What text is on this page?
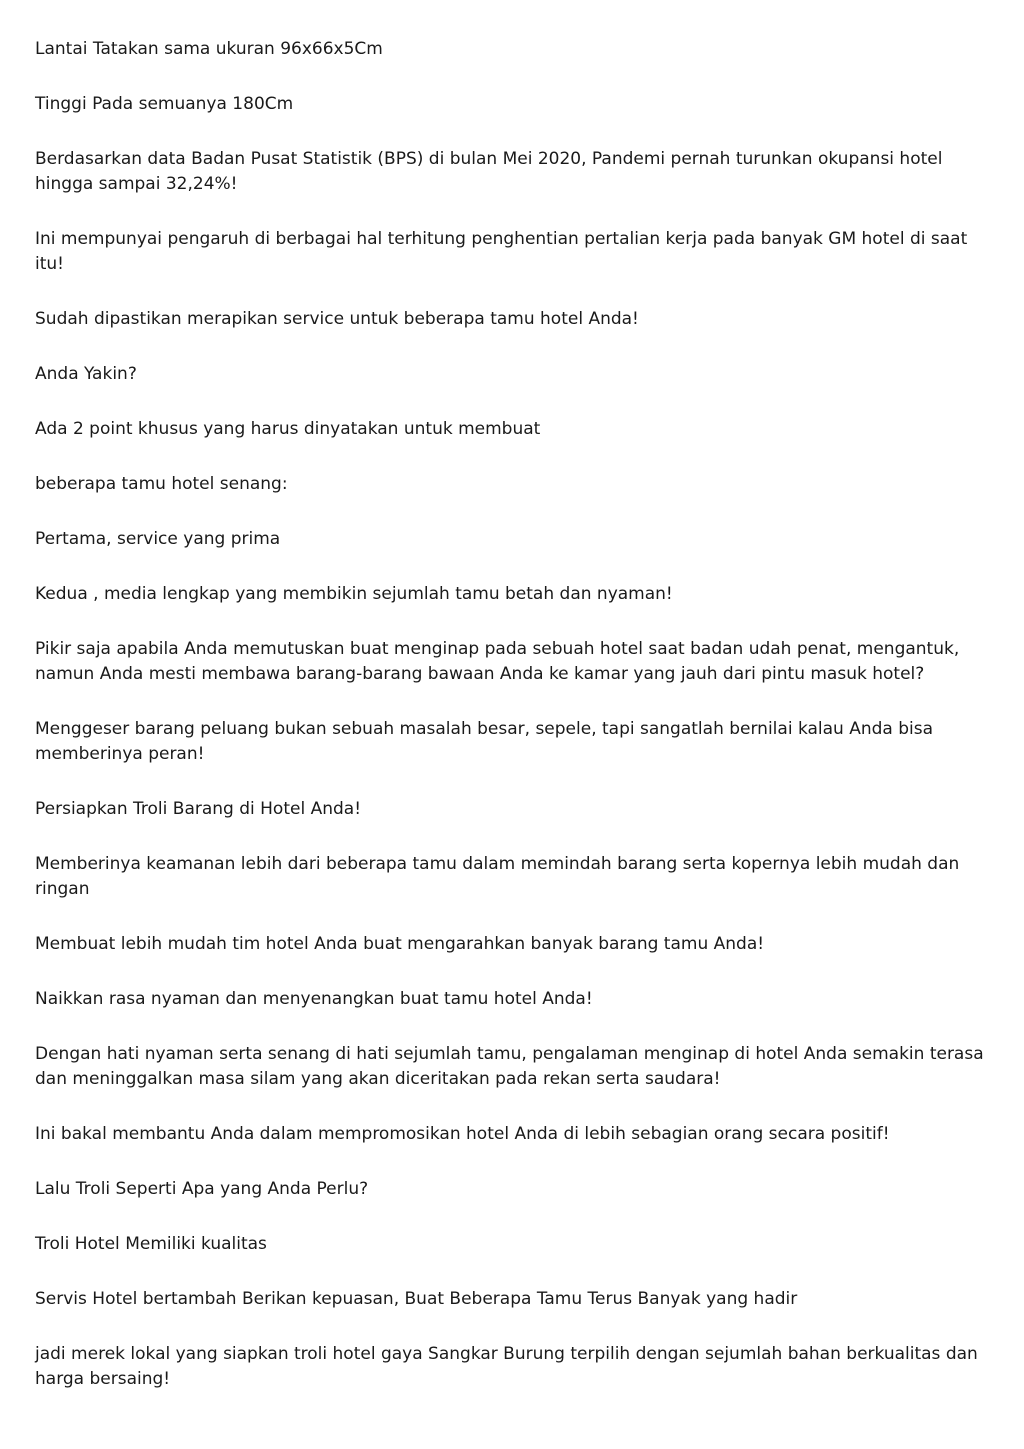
Lantai Tatakan sama ukuran 96x66x5Cm

Tinggi Pada semuanya 180Cm

Berdasarkan data Badan Pusat Statistik (BPS) di bulan Mei 2020, Pandemi pernah turunkan okupansi hotel hingga sampai 32,24%!

Ini mempunyai pengaruh di berbagai hal terhitung penghentian pertalian kerja pada banyak GM hotel di saat itu!

Sudah dipastikan merapikan service untuk beberapa tamu hotel Anda!

Anda Yakin?

Ada 2 point khusus yang harus dinyatakan untuk membuat

beberapa tamu hotel senang:

Pertama, service yang prima

Kedua , media lengkap yang membikin sejumlah tamu betah dan nyaman!

Pikir saja apabila Anda memutuskan buat menginap pada sebuah hotel saat badan udah penat, mengantuk, namun Anda mesti membawa barang-barang bawaan Anda ke kamar yang jauh dari pintu masuk hotel?

Menggeser barang peluang bukan sebuah masalah besar, sepele, tapi sangatlah bernilai kalau Anda bisa memberinya peran!

Persiapkan Troli Barang di Hotel Anda!

Memberinya keamanan lebih dari beberapa tamu dalam memindah barang serta kopernya lebih mudah dan ringan

Membuat lebih mudah tim hotel Anda buat mengarahkan banyak barang tamu Anda!

Naikkan rasa nyaman dan menyenangkan buat tamu hotel Anda!

Dengan hati nyaman serta senang di hati sejumlah tamu, pengalaman menginap di hotel Anda semakin terasa dan meninggalkan masa silam yang akan diceritakan pada rekan serta saudara!

Ini bakal membantu Anda dalam mempromosikan hotel Anda di lebih sebagian orang secara positif!

Lalu Troli Seperti Apa yang Anda Perlu?

Troli Hotel Memiliki kualitas

Servis Hotel bertambah Berikan kepuasan, Buat Beberapa Tamu Terus Banyak yang hadir

jadi merek lokal yang siapkan troli hotel gaya Sangkar Burung terpilih dengan sejumlah bahan berkualitas dan harga bersaing!
